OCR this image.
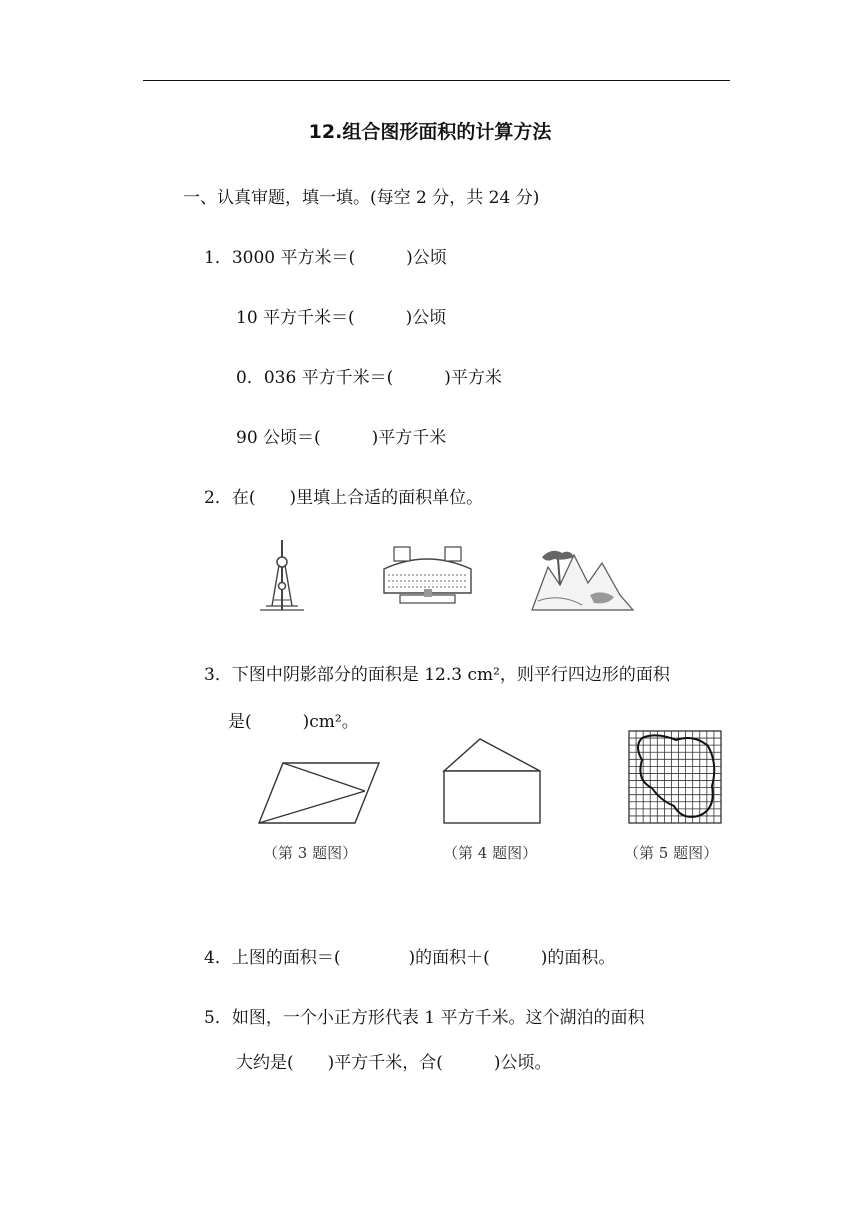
12.组合图形面积的计算方法
一、认真审题，填一填。(每空 2 分，共 24 分)
1．3000 平方米＝(　　　)公顷
10 平方千米＝(　　　)公顷
0．036 平方千米＝(　　　)平方米
90 公顷＝(　　　)平方千米
2．在(　　)里填上合适的面积单位。
3．下图中阴影部分的面积是 12.3 cm²，则平行四边形的面积
是(　　　)cm²。
（第 3 题图）	（第 4 题图）	（第 5 题图）
4．上图的面积＝(　　　　)的面积＋(　　　)的面积。
5．如图，一个小正方形代表 1 平方千米。这个湖泊的面积
大约是(　　)平方千米，合(　　　)公顷。
